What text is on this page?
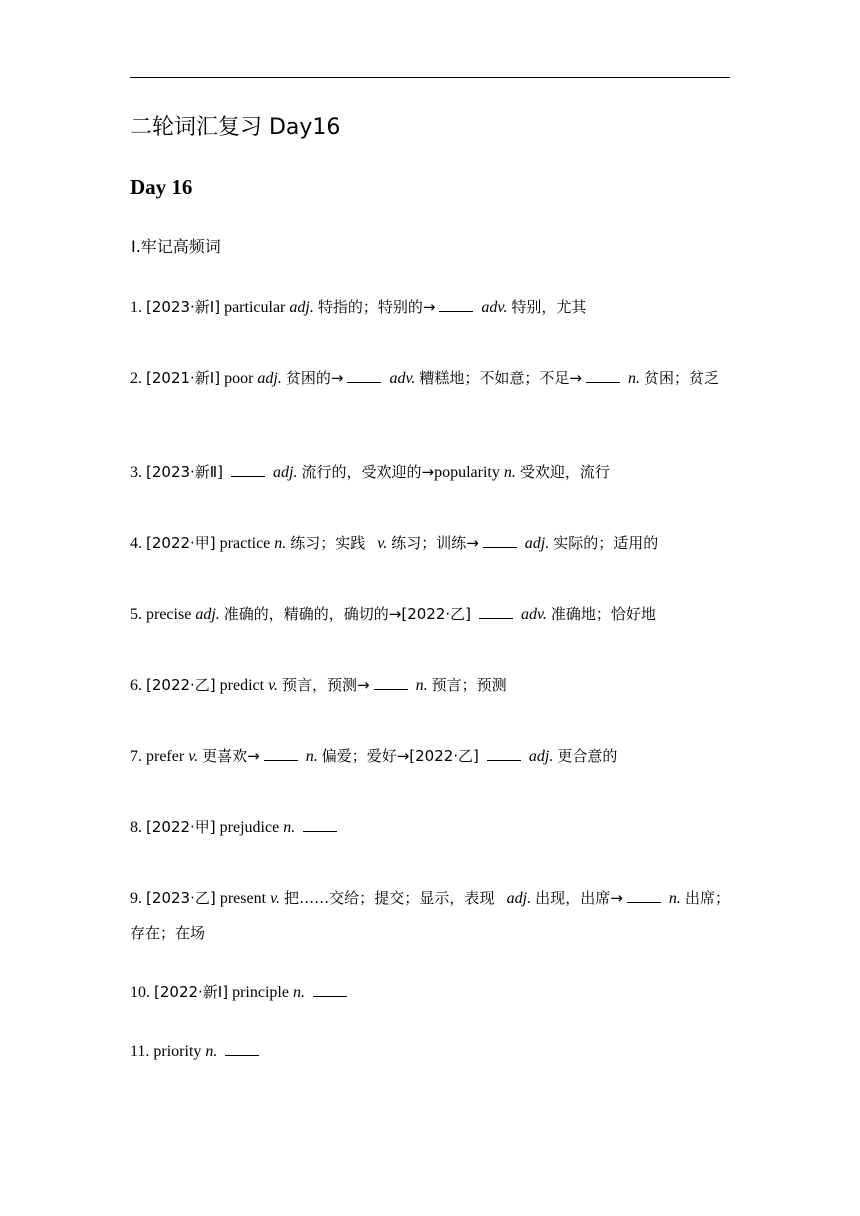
二轮词汇复习 Day16
Day 16
Ⅰ.牢记高频词
1. [2023·新Ⅰ] particular adj. 特指的；特别的→	adv. 特别，尤其
2. [2021·新Ⅰ] poor adj. 贫困的→	adv. 糟糕地；不如意；不足→	n. 贫困；贫乏
3. [2023·新Ⅱ]	adj. 流行的，受欢迎的→popularity n. 受欢迎，流行
4. [2022·甲] practice n. 练习；实践 v. 练习；训练→	adj. 实际的；适用的
5. precise adj. 准确的，精确的，确切的→[2022·乙]	adv. 准确地；恰好地
6. [2022·乙] predict v. 预言，预测→	n. 预言；预测
7. prefer v. 更喜欢→	n. 偏爱；爱好→[2022·乙]	adj. 更合意的
8. [2022·甲] prejudice n.
9. [2023·乙] present v. 把……交给；提交；显示，表现 adj. 出现，出席→	n. 出席；存在；在场
10. [2022·新Ⅰ] principle n.
11. priority n.
